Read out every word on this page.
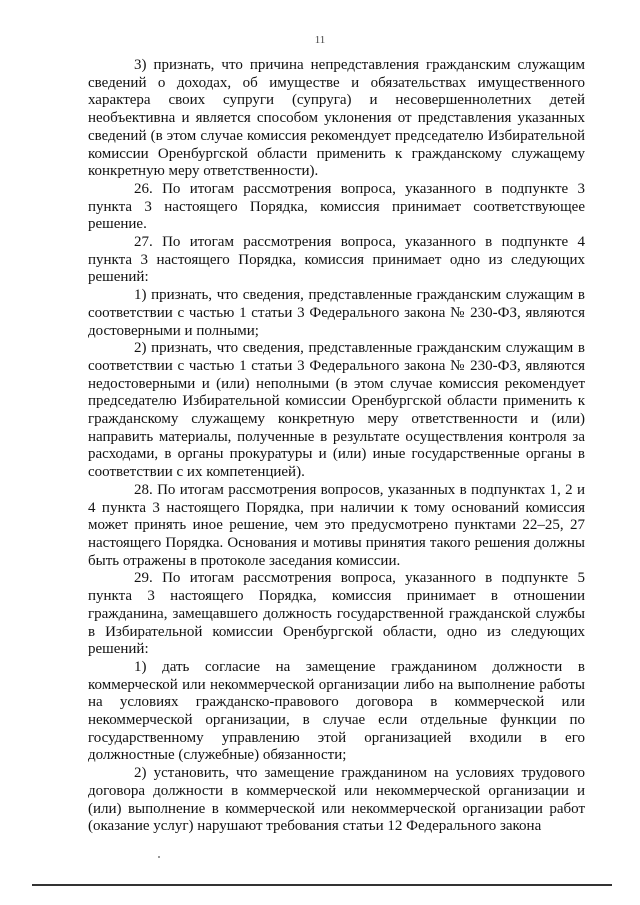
11

3) признать, что причина непредставления гражданским служащим сведений о доходах, об имуществе и обязательствах имущественного характера своих супруги (супруга) и несовершеннолетних детей необъективна и является способом уклонения от представления указанных сведений (в этом случае комиссия рекомендует председателю Избирательной комиссии Оренбургской области применить к гражданскому служащему конкретную меру ответственности).

26. По итогам рассмотрения вопроса, указанного в подпункте 3 пункта 3 настоящего Порядка, комиссия принимает соответствующее решение.

27. По итогам рассмотрения вопроса, указанного в подпункте 4 пункта 3 настоящего Порядка, комиссия принимает одно из следующих решений:

1) признать, что сведения, представленные гражданским служащим в соответствии с частью 1 статьи 3 Федерального закона № 230-ФЗ, являются достоверными и полными;

2) признать, что сведения, представленные гражданским служащим в соответствии с частью 1 статьи 3 Федерального закона № 230-ФЗ, являются недостоверными и (или) неполными (в этом случае комиссия рекомендует председателю Избирательной комиссии Оренбургской области применить к гражданскому служащему конкретную меру ответственности и (или) направить материалы, полученные в результате осуществления контроля за расходами, в органы прокуратуры и (или) иные государственные органы в соответствии с их компетенцией).

28. По итогам рассмотрения вопросов, указанных в подпунктах 1, 2 и 4 пункта 3 настоящего Порядка, при наличии к тому оснований комиссия может принять иное решение, чем это предусмотрено пунктами 22–25, 27 настоящего Порядка. Основания и мотивы принятия такого решения должны быть отражены в протоколе заседания комиссии.

29. По итогам рассмотрения вопроса, указанного в подпункте 5 пункта 3 настоящего Порядка, комиссия принимает в отношении гражданина, замещавшего должность государственной гражданской службы в Избирательной комиссии Оренбургской области, одно из следующих решений:

1) дать согласие на замещение гражданином должности в коммерческой или некоммерческой организации либо на выполнение работы на условиях гражданско-правового договора в коммерческой или некоммерческой организации, в случае если отдельные функции по государственному управлению этой организацией входили в его должностные (служебные) обязанности;

2) установить, что замещение гражданином на условиях трудового договора должности в коммерческой или некоммерческой организации и (или) выполнение в коммерческой или некоммерческой организации работ (оказание услуг) нарушают требования статьи 12 Федерального закона
